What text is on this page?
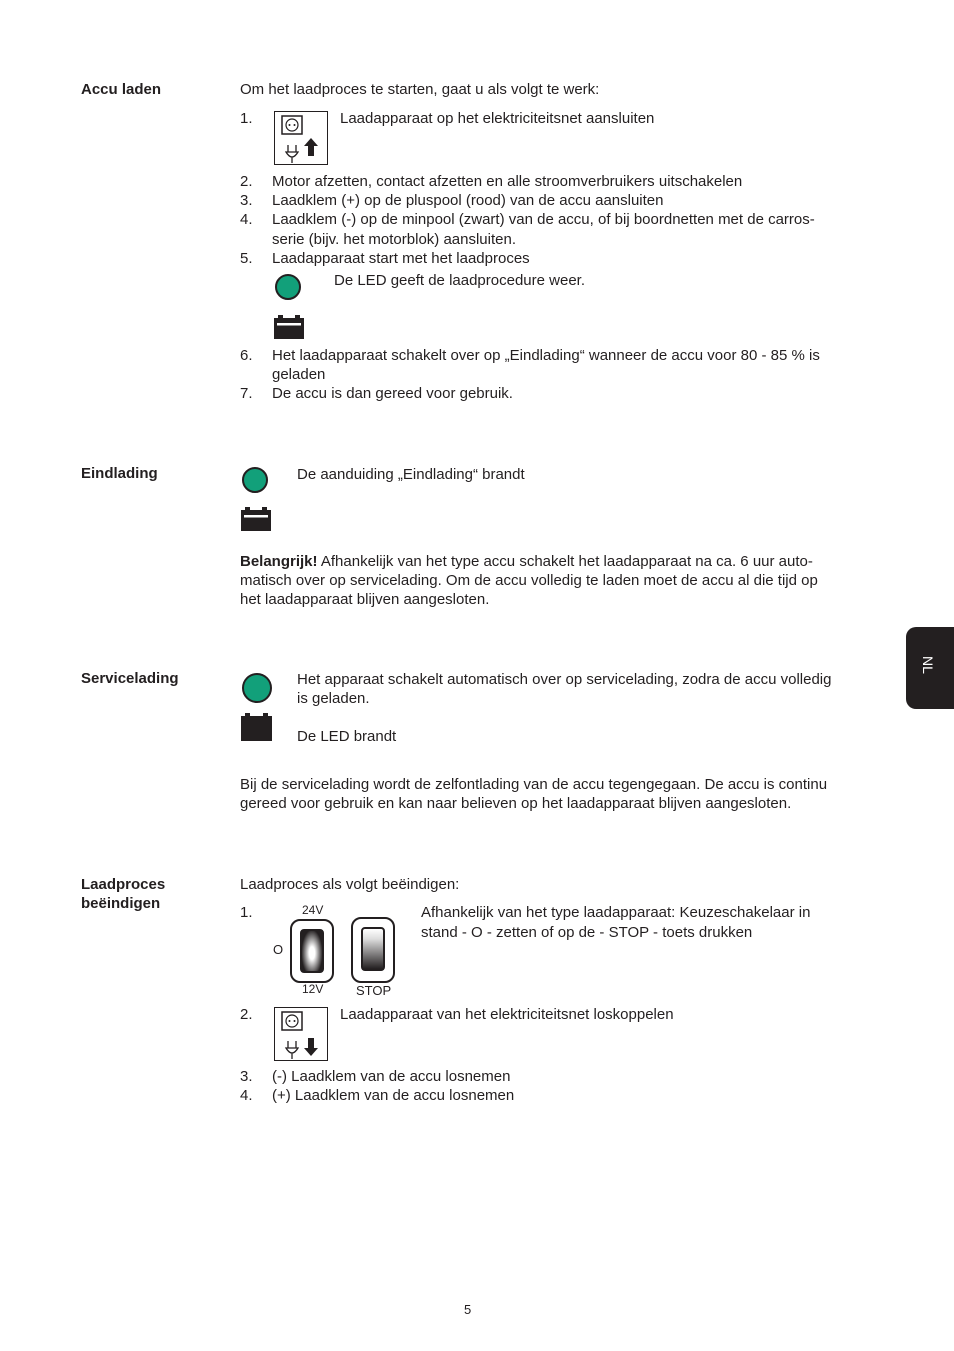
Accu laden	Om het laadproces te starten, gaat u als volgt te werk:
1.	Laadapparaat op het elektriciteitsnet aansluiten
2. Motor afzetten, contact afzetten en alle stroomverbruikers uitschakelen
3. Laadklem (+) op de pluspool (rood) van de accu aansluiten
4. Laadklem (-) op de minpool (zwart) van de accu, of bij boordnetten met de carros-
serie (bijv. het motorblok) aansluiten.
5. Laadapparaat start met het laadproces
De LED geeft de laadprocedure weer.
6. Het laadapparaat schakelt over op „Eindlading“ wanneer de accu voor 80 - 85 % is
geladen
7. De accu is dan gereed voor gebruik.
Eindlading	De aanduiding „Eindlading“ brandt
Belangrijk! Afhankelijk van het type accu schakelt het laadapparaat na ca. 6 uur auto-
matisch over op servicelading. Om de accu volledig te laden moet de accu al die tijd op
het laadapparaat blijven aangesloten.
Servicelading	Het apparaat schakelt automatisch over op servicelading, zodra de accu volledig
is geladen.
De LED brandt
Bij de servicelading wordt de zelfontlading van de accu tegengegaan. De accu is continu
gereed voor gebruik en kan naar believen op het laadapparaat blijven aangesloten.
Laadproces
beëindigen
Laadproces als volgt beëindigen:
1.	24V
O
12V	STOP
Afhankelijk van het type laadapparaat: Keuzeschakelaar in
stand - O - zetten of op de - STOP - toets drukken
2.	Laadapparaat van het elektriciteitsnet loskoppelen
3. (-) Laadklem van de accu losnemen
4. (+) Laadklem van de accu losnemen
NL
5
